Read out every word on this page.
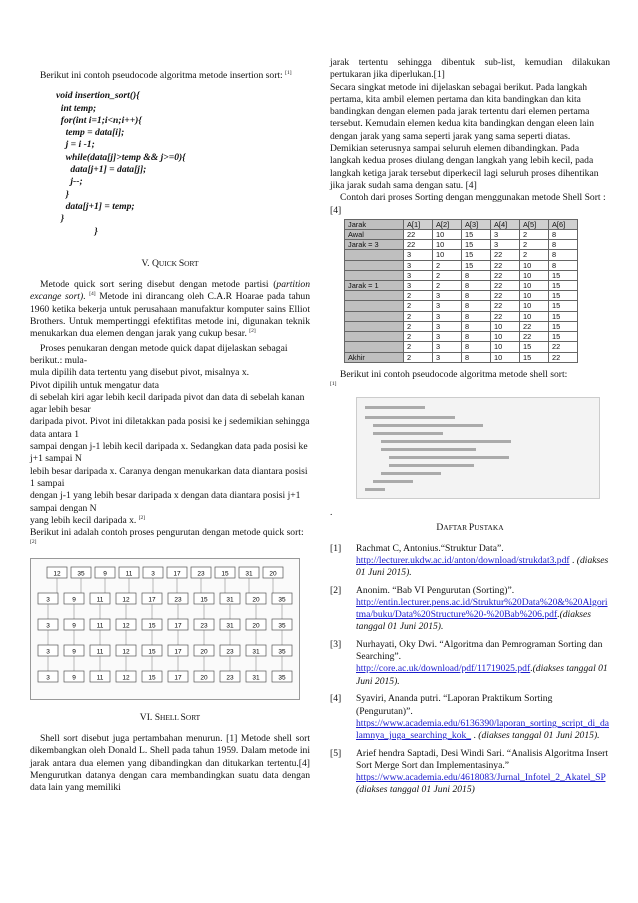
Berikut ini contoh pseudocode algoritma metode insertion sort: [1]

void insertion_sort(){
int temp;
for(int i=1;i<n;i++){
temp = data[i];
j = i -1;
while(data[j]>temp && j>=0){
data[j+1] = data[j];
j--;
}
data[j+1] = temp;
}
}
V. QUICK SORT

Metode quick sort sering disebut dengan metode partisi (partition excange sort). [4] Metode ini dirancang oleh C.A.R Hoarae pada tahun 1960 ketika bekerja untuk perusahaan manufaktur komputer sains Elliot Brothers. Untuk mempertinggi efektifitas metode ini, digunakan teknik menukarkan dua elemen dengan jarak yang cukup besar. [2]

Proses penukaran dengan metode quick dapat dijelaskan sebagai berikut.: mula-
mula dipilih data tertentu yang disebut pivot, misalnya x.
Pivot dipilih untuk mengatur data
di sebelah kiri agar lebih kecil daripada pivot dan data di sebelah kanan agar lebih besar
daripada pivot. Pivot ini diletakkan pada posisi ke j sedemikian sehingga data antara 1
sampai dengan j-1 lebih kecil daripada x. Sedangkan data pada posisi ke j+1 sampai N
lebih besar daripada x. Caranya dengan menukarkan data diantara posisi 1 sampai
dengan j-1 yang lebih besar daripada x dengan data diantara posisi j+1 sampai dengan N
yang lebih kecil daripada x. [2]

Berikut ini adalah contoh proses pengurutan dengan metode quick sort: [2]

12	35	9	11	3	17	23	15	31	20
3	9	11	12	17	23	15	31	20	35
3	9	11	12	15	17	23	31	20	35
3	9	11	12	15	17	20	23	31	35
3	9	11	12	15	17	20	23	31	35
VI. SHELL SORT

Shell sort disebut juga pertambahan menurun. [1] Metode shell sort dikembangkan oleh Donald L. Shell pada tahun 1959. Dalam metode ini jarak antara dua elemen yang dibandingkan dan ditukarkan tertentu.[4] Mengurutkan datanya dengan cara membandingkan suatu data dengan data lain yang memiliki

jarak tertentu sehingga dibentuk sub-list, kemudian dilakukan pertukaran jika diperlukan.[1]

Secara singkat metode ini dijelaskan sebagai berikut. Pada langkah pertama, kita ambil elemen pertama dan kita bandingkan dan kita bandingkan dengan elemen pada jarak tertentu dari elemen pertama tersebut. Kemudain elemen kedua kita bandingkan dengan eleen lain dengan jarak yang sama seperti jarak yang sama seperti diatas. Demikian seterusnya sampai seluruh elemen dibandingkan. Pada langkah kedua proses diulang dengan langkah yang lebih kecil, pada langkah ketiga jarak tersebut diperkecil lagi seluruh proses dihentikan jika jarak sudah sama dengan satu. [4]

Contoh dari proses Sorting dengan menggunakan metode Shell Sort : [4]

Jarak	A[1]	A[2]	A[3]	A[4]	A[5]	A[6]
Awal	22	10	15	3	2	8
Jarak = 3	22	10	15	3	2	8
	3	10	15	22	2	8
	3	2	15	22	10	8
	3	2	8	22	10	15
Jarak = 1	3	2	8	22	10	15
	2	3	8	22	10	15
	2	3	8	22	10	15
	2	3	8	22	10	15
	2	3	8	10	22	15
	2	3	8	10	22	15
	2	3	8	10	15	22
Akhir	2	3	8	10	15	22

Berikut ini contoh pseudocode algoritma metode shell sort:
[1]

.
DAFTAR PUSTAKA
[1] Rachmat C, Antonius.“Struktur Data”.
http://lecturer.ukdw.ac.id/anton/download/strukdat3.pdf . (diakses 01 Juni 2015).
[2] Anonim. “Bab VI Pengurutan (Sorting)”.
http://entin.lecturer.pens.ac.id/Struktur%20Data%20&%20Algoritma/buku/Data%20Structure%20-%20Bab%206.pdf.(diakses tanggal 01 Juni 2015).
[3] Nurhayati, Oky Dwi. “Algoritma dan Pemrograman Sorting dan Searching”.
http://core.ac.uk/download/pdf/11719025.pdf.(diakses tanggal 01 Juni 2015).
[4] Syaviri, Ananda putri. “Laporan Praktikum Sorting (Pengurutan)”.
https://www.academia.edu/6136390/laporan_sorting_script_di_dalamnya_juga_searching_kok_ . (diakses tanggal 01 Juni 2015).
[5] Arief hendra Saptadi, Desi Windi Sari. “Analisis Algoritma Insert Sort Merge Sort dan Implementasinya.”
https://www.academia.edu/4618083/Jurnal_Infotel_2_Akatel_SP (diakses tanggal 01 Juni 2015)
